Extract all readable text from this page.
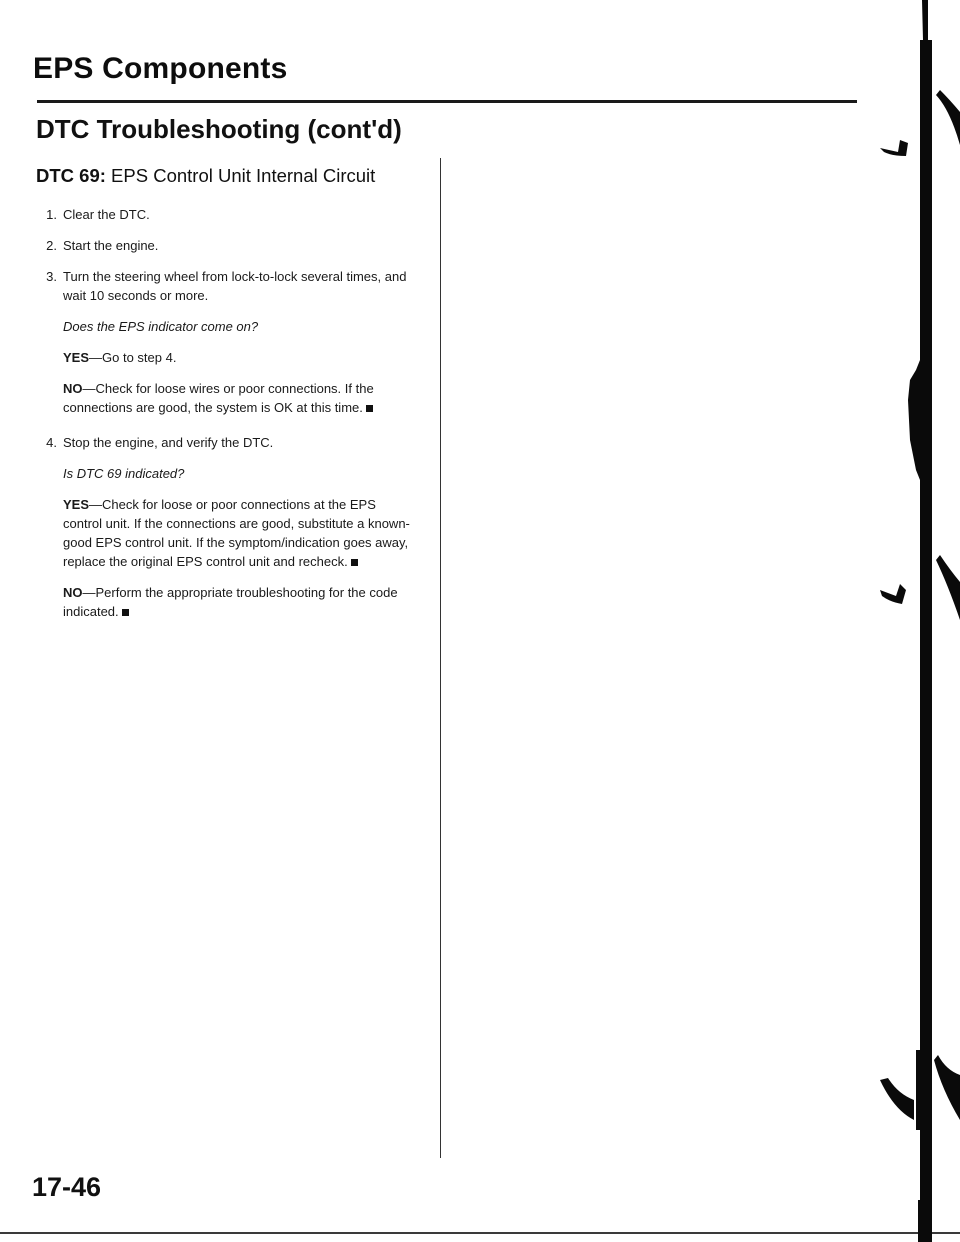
EPS Components
DTC Troubleshooting (cont'd)
DTC 69: EPS Control Unit Internal Circuit
1. Clear the DTC.
2. Start the engine.
3. Turn the steering wheel from lock-to-lock several times, and wait 10 seconds or more.
Does the EPS indicator come on?
YES—Go to step 4.
NO—Check for loose wires or poor connections. If the connections are good, the system is OK at this time.
4. Stop the engine, and verify the DTC.
Is DTC 69 indicated?
YES—Check for loose or poor connections at the EPS control unit. If the connections are good, substitute a known-good EPS control unit. If the symptom/indication goes away, replace the original EPS control unit and recheck.
NO—Perform the appropriate troubleshooting for the code indicated.
17-46
